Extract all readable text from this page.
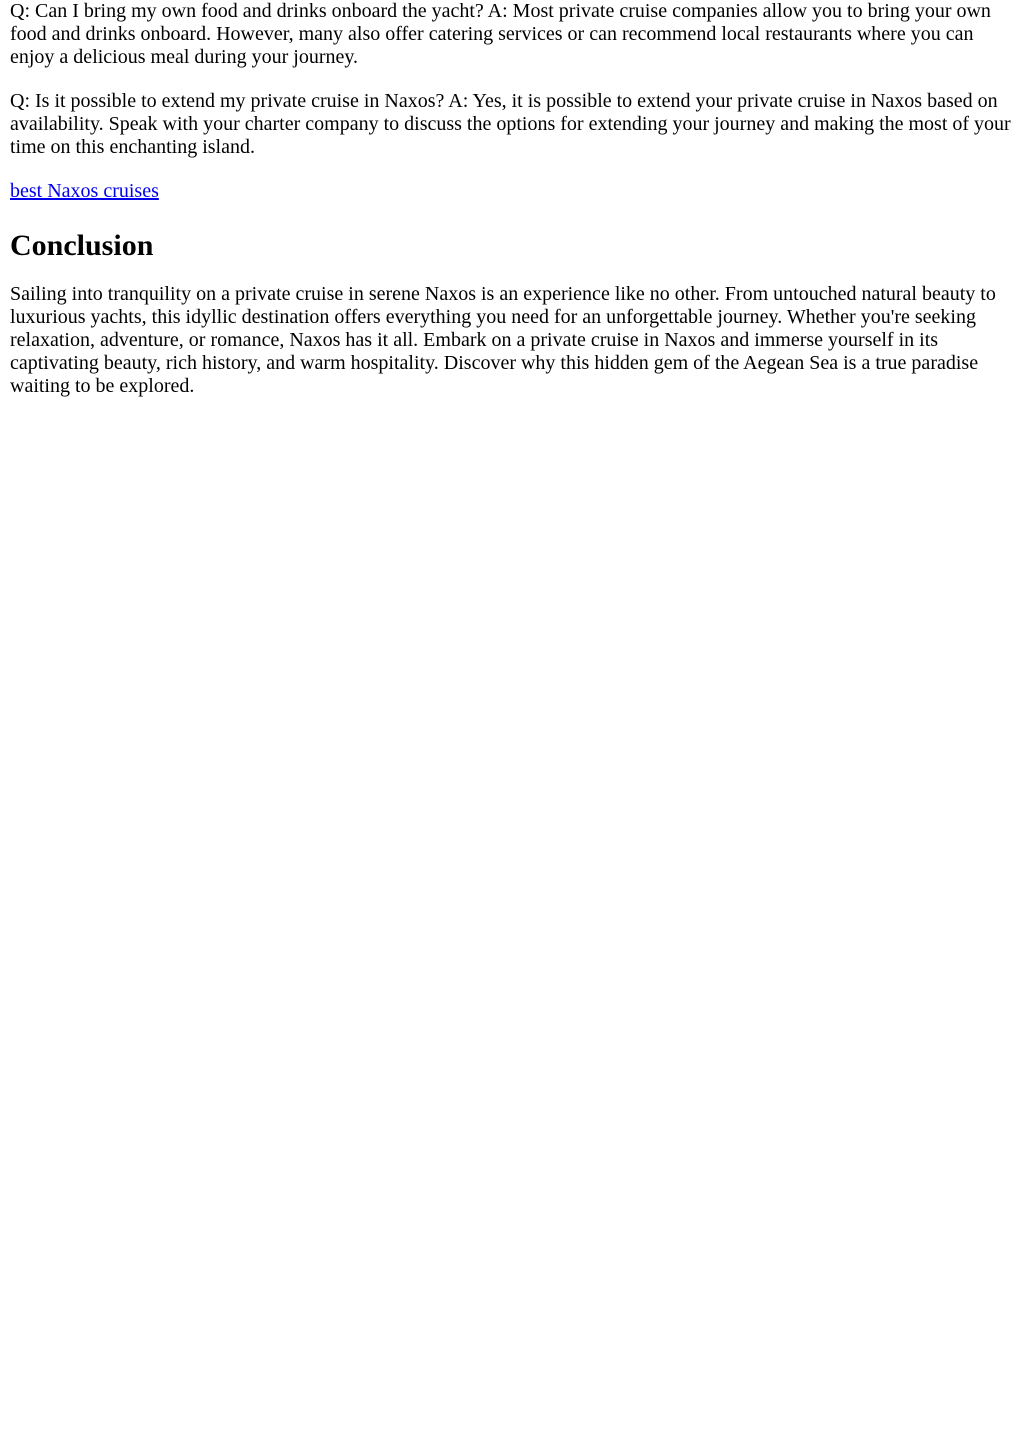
Q: Can I bring my own food and drinks onboard the yacht? A: Most private cruise companies allow you to bring your own food and drinks onboard. However, many also offer catering services or can recommend local restaurants where you can enjoy a delicious meal during your journey.

Q: Is it possible to extend my private cruise in Naxos? A: Yes, it is possible to extend your private cruise in Naxos based on availability. Speak with your charter company to discuss the options for extending your journey and making the most of your time on this enchanting island.

best Naxos cruises

Conclusion

Sailing into tranquility on a private cruise in serene Naxos is an experience like no other. From untouched natural beauty to luxurious yachts, this idyllic destination offers everything you need for an unforgettable journey. Whether you're seeking relaxation, adventure, or romance, Naxos has it all. Embark on a private cruise in Naxos and immerse yourself in its captivating beauty, rich history, and warm hospitality. Discover why this hidden gem of the Aegean Sea is a true paradise waiting to be explored.
